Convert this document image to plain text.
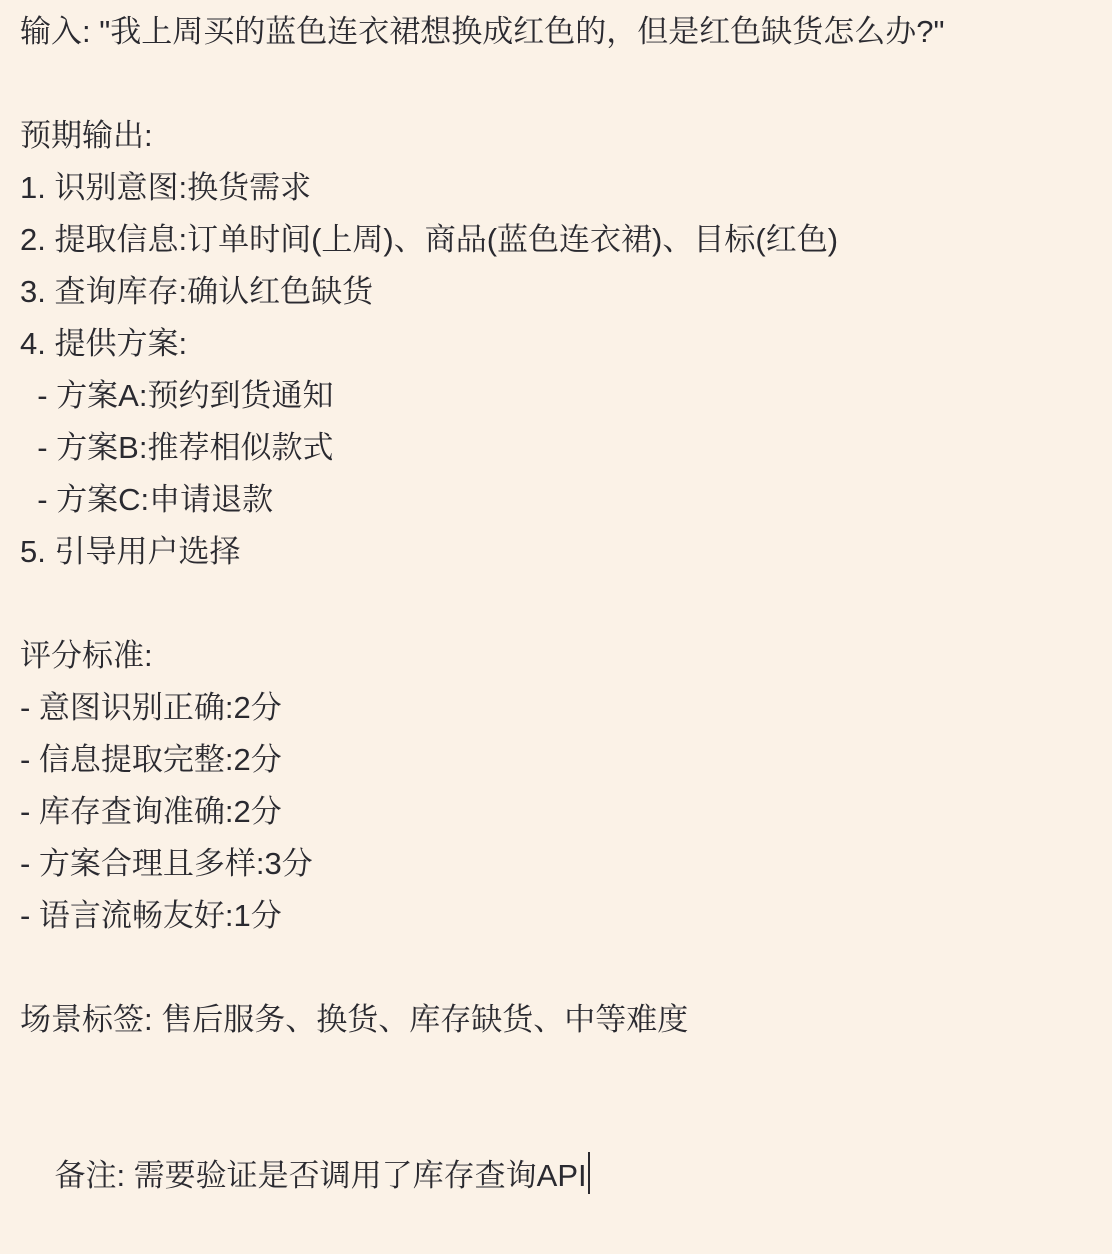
输入: "我上周买的蓝色连衣裙想换成红色的，但是红色缺货怎么办?"
预期输出:
1. 识别意图:换货需求
2. 提取信息:订单时间(上周)、商品(蓝色连衣裙)、目标(红色)
3. 查询库存:确认红色缺货
4. 提供方案:
- 方案A:预约到货通知
- 方案B:推荐相似款式
- 方案C:申请退款
5. 引导用户选择
评分标准:
- 意图识别正确:2分
- 信息提取完整:2分
- 库存查询准确:2分
- 方案合理且多样:3分
- 语言流畅友好:1分
场景标签: 售后服务、换货、库存缺货、中等难度

备注: 需要验证是否调用了库存查询API
